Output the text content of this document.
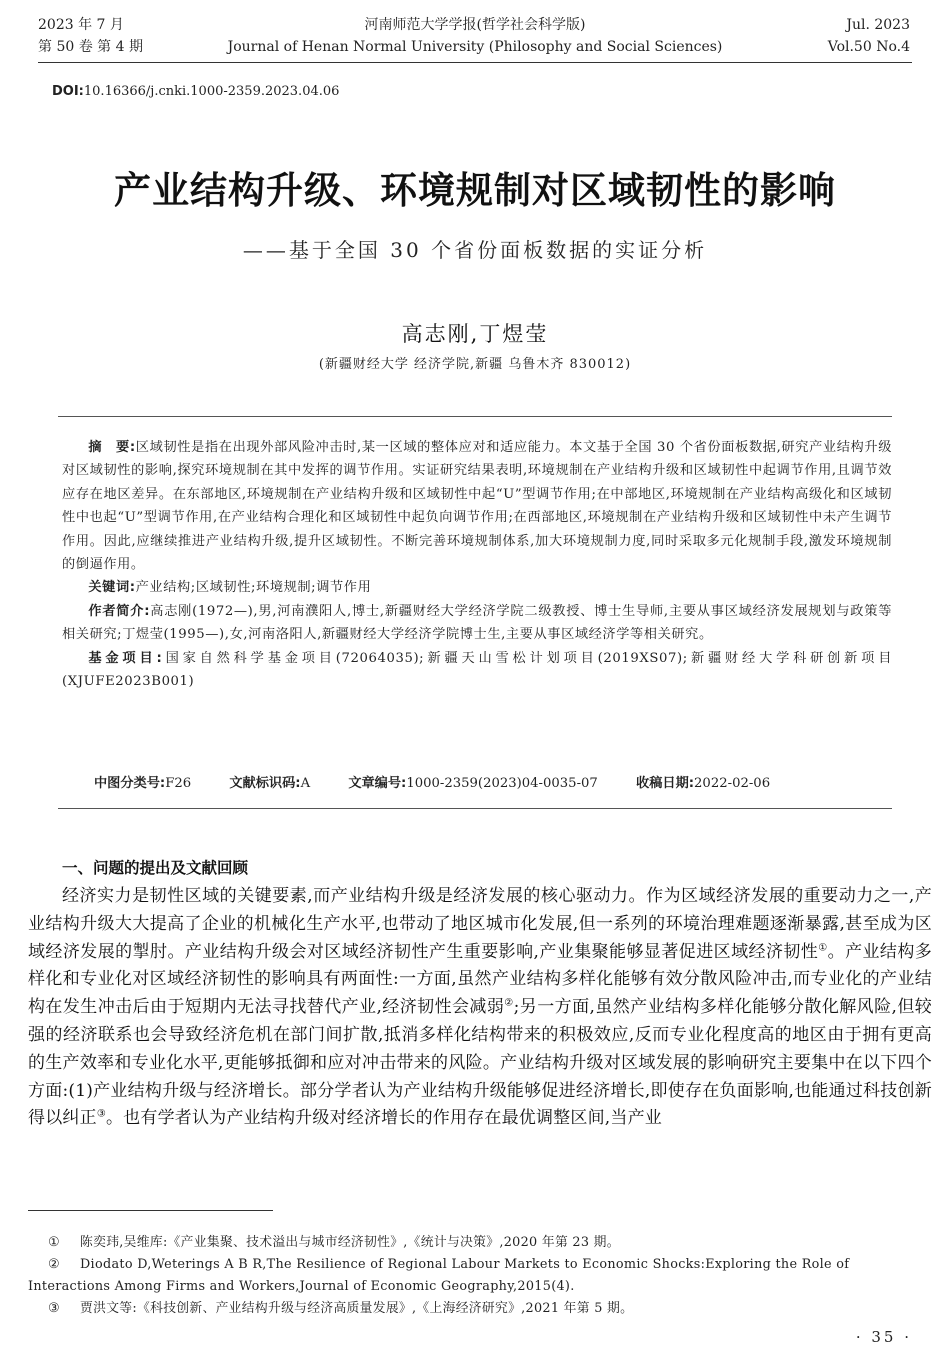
2023 年 7 月
第 50 卷 第 4 期
河南师范大学学报(哲学社会科学版)
Journal of Henan Normal University (Philosophy and Social Sciences)
Jul. 2023
Vol.50 No.4
DOI:10.16366/j.cnki.1000-2359.2023.04.06
产业结构升级、环境规制对区域韧性的影响
——基于全国 30 个省份面板数据的实证分析
高志刚,丁煜莹
(新疆财经大学 经济学院,新疆 乌鲁木齐 830012)

摘　要:区域韧性是指在出现外部风险冲击时,某一区域的整体应对和适应能力。本文基于全国 30 个省份面板数据,研究产业结构升级对区域韧性的影响,探究环境规制在其中发挥的调节作用。实证研究结果表明,环境规制在产业结构升级和区域韧性中起调节作用,且调节效应存在地区差异。在东部地区,环境规制在产业结构升级和区域韧性中起“U”型调节作用;在中部地区,环境规制在产业结构高级化和区域韧性中也起“U”型调节作用,在产业结构合理化和区域韧性中起负向调节作用;在西部地区,环境规制在产业结构升级和区域韧性中未产生调节作用。因此,应继续推进产业结构升级,提升区域韧性。不断完善环境规制体系,加大环境规制力度,同时采取多元化规制手段,激发环境规制的倒逼作用。

关键词:产业结构;区域韧性;环境规制;调节作用

作者简介:高志刚(1972—),男,河南濮阳人,博士,新疆财经大学经济学院二级教授、博士生导师,主要从事区域经济发展规划与政策等相关研究;丁煜莹(1995—),女,河南洛阳人,新疆财经大学经济学院博士生,主要从事区域经济学等相关研究。

基金项目:国家自然科学基金项目(72064035);新疆天山雪松计划项目(2019XS07);新疆财经大学科研创新项目(XJUFE2023B001)

中图分类号:F26	文献标识码:A	文章编号:1000-2359(2023)04-0035-07	收稿日期:2022-02-06
一、问题的提出及文献回顾

经济实力是韧性区域的关键要素,而产业结构升级是经济发展的核心驱动力。作为区域经济发展的重要动力之一,产业结构升级大大提高了企业的机械化生产水平,也带动了地区城市化发展,但一系列的环境治理难题逐渐暴露,甚至成为区域经济发展的掣肘。产业结构升级会对区域经济韧性产生重要影响,产业集聚能够显著促进区域经济韧性①。产业结构多样化和专业化对区域经济韧性的影响具有两面性:一方面,虽然产业结构多样化能够有效分散风险冲击,而专业化的产业结构在发生冲击后由于短期内无法寻找替代产业,经济韧性会减弱②;另一方面,虽然产业结构多样化能够分散化解风险,但较强的经济联系也会导致经济危机在部门间扩散,抵消多样化结构带来的积极效应,反而专业化程度高的地区由于拥有更高的生产效率和专业化水平,更能够抵御和应对冲击带来的风险。产业结构升级对区域发展的影响研究主要集中在以下四个方面:(1)产业结构升级与经济增长。部分学者认为产业结构升级能够促进经济增长,即使存在负面影响,也能通过科技创新得以纠正③。也有学者认为产业结构升级对经济增长的作用存在最优调整区间,当产业

① 陈奕玮,吴维库:《产业集聚、技术溢出与城市经济韧性》,《统计与决策》,2020 年第 23 期。

② Diodato D,Weterings A B R,The Resilience of Regional Labour Markets to Economic Shocks:Exploring the Role of Interactions Among Firms and Workers,Journal of Economic Geography,2015(4).

③ 贾洪文等:《科技创新、产业结构升级与经济高质量发展》,《上海经济研究》,2021 年第 5 期。

· 35 ·
